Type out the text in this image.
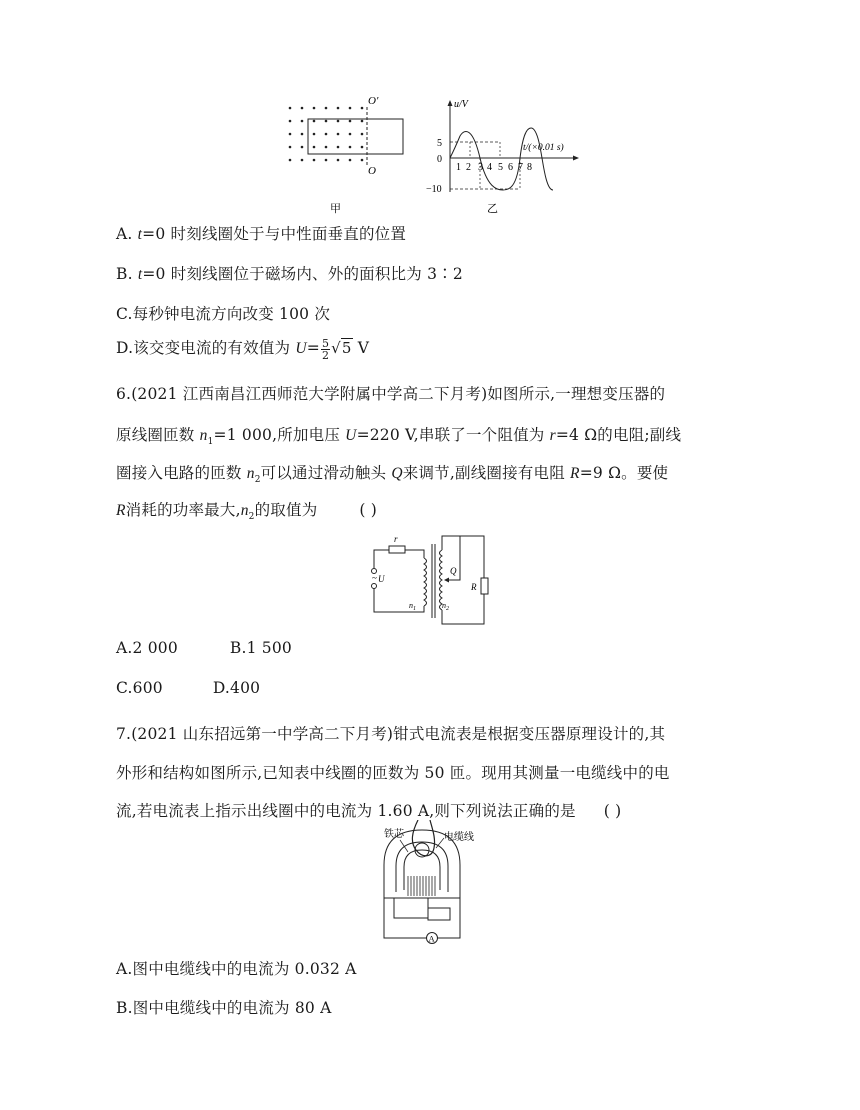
O′
O
甲
u/V
t/(×0.01 s)
5
0
−10
1 2 3 4 5 6 7 8
乙
A. t=0 时刻线圈处于与中性面垂直的位置
B. t=0 时刻线圈位于磁场内、外的面积比为 3∶2
C.每秒钟电流方向改变 100 次
D.该交变电流的有效值为 $U= \frac{5}{2} √5$ V
6.(2021 江西南昌江西师范大学附属中学高二下月考)如图所示,一理想变压器的
原线圈匝数 $n_1=1$ 000,所加电压 U=220 V,串联了一个阻值为 r=4 Ω的电阻;副线
圈接入电路的匝数 $n_2$可以通过滑动触头 Q来调节,副线圈接有电阻 R=9 Ω。要使
R消耗的功率最大$,n_2$的取值为	( )
r
~ U
Q
R
$n_1$	$n_2$
A.2 000	B.1 500
C.600	D.400
7.(2021 山东招远第一中学高二下月考)钳式电流表是根据变压器原理设计的,其
外形和结构如图所示,已知表中线圈的匝数为 50 匝。现用其测量一电缆线中的电
流,若电流表上指示出线圈中的电流为 1.60 A,则下列说法正确的是 ( )
铁芯	电缆线
A
A.图中电缆线中的电流为 0.032 A
B.图中电缆线中的电流为 80 A
